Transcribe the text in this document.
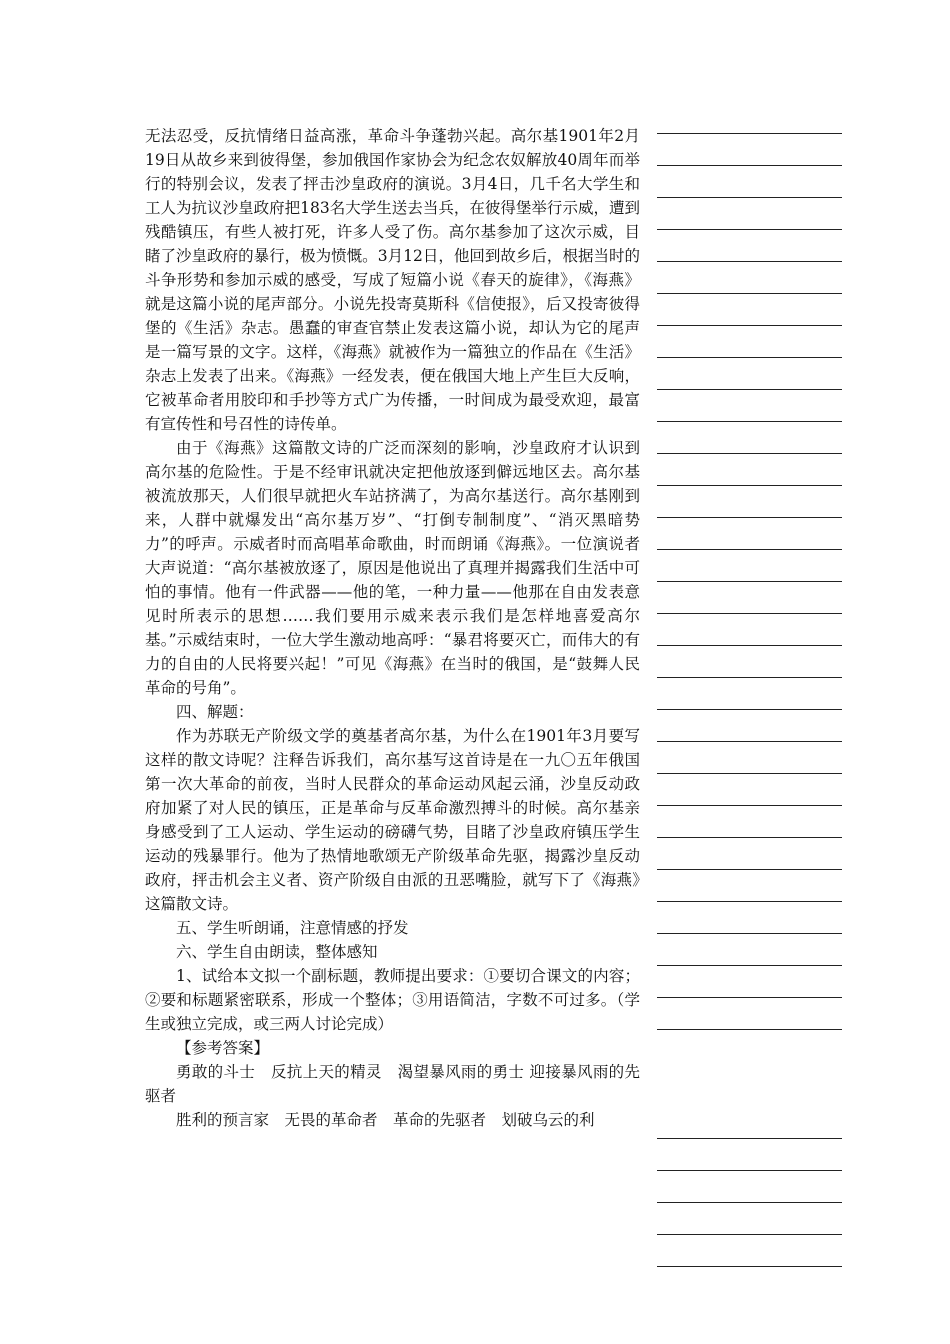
无法忍受，反抗情绪日益高涨，革命斗争蓬勃兴起。高尔基1901年2月19日从故乡来到彼得堡，参加俄国作家协会为纪念农奴解放40周年而举行的特别会议，发表了抨击沙皇政府的演说。3月4日，几千名大学生和工人为抗议沙皇政府把183名大学生送去当兵，在彼得堡举行示威，遭到残酷镇压，有些人被打死，许多人受了伤。高尔基参加了这次示威，目睹了沙皇政府的暴行，极为愤慨。3月12日，他回到故乡后，根据当时的斗争形势和参加示威的感受，写成了短篇小说《春天的旋律》，《海燕》就是这篇小说的尾声部分。小说先投寄莫斯科《信使报》，后又投寄彼得堡的《生活》杂志。愚蠢的审查官禁止发表这篇小说，却认为它的尾声是一篇写景的文字。这样，《海燕》就被作为一篇独立的作品在《生活》杂志上发表了出来。《海燕》一经发表，便在俄国大地上产生巨大反响，它被革命者用胶印和手抄等方式广为传播，一时间成为最受欢迎，最富有宣传性和号召性的诗传单。

由于《海燕》这篇散文诗的广泛而深刻的影响，沙皇政府才认识到高尔基的危险性。于是不经审讯就决定把他放逐到僻远地区去。高尔基被流放那天，人们很早就把火车站挤满了，为高尔基送行。高尔基刚到来，人群中就爆发出“高尔基万岁”、“打倒专制制度”、“消灭黑暗势力”的呼声。示威者时而高唱革命歌曲，时而朗诵《海燕》。一位演说者大声说道：“高尔基被放逐了，原因是他说出了真理并揭露我们生活中可怕的事情。他有一件武器——他的笔，一种力量——他那在自由发表意见时所表示的思想……我们要用示威来表示我们是怎样地喜爱高尔基。”示威结束时，一位大学生激动地高呼：“暴君将要灭亡，而伟大的有力的自由的人民将要兴起！”可见《海燕》在当时的俄国，是“鼓舞人民革命的号角”。

四、解题：

作为苏联无产阶级文学的奠基者高尔基，为什么在1901年3月要写这样的散文诗呢？注释告诉我们，高尔基写这首诗是在一九〇五年俄国第一次大革命的前夜，当时人民群众的革命运动风起云涌，沙皇反动政府加紧了对人民的镇压，正是革命与反革命激烈搏斗的时候。高尔基亲身感受到了工人运动、学生运动的磅礴气势，目睹了沙皇政府镇压学生运动的残暴罪行。他为了热情地歌颂无产阶级革命先驱，揭露沙皇反动政府，抨击机会主义者、资产阶级自由派的丑恶嘴脸，就写下了《海燕》这篇散文诗。

五、学生听朗诵，注意情感的抒发

六、学生自由朗读，整体感知

1、试给本文拟一个副标题，教师提出要求：①要切合课文的内容；②要和标题紧密联系，形成一个整体；③用语简洁，字数不可过多。（学生或独立完成，或三两人讨论完成）

【参考答案】

勇敢的斗士　反抗上天的精灵　渴望暴风雨的勇士 迎接暴风雨的先驱者

胜利的预言家　无畏的革命者　革命的先驱者　划破乌云的利
